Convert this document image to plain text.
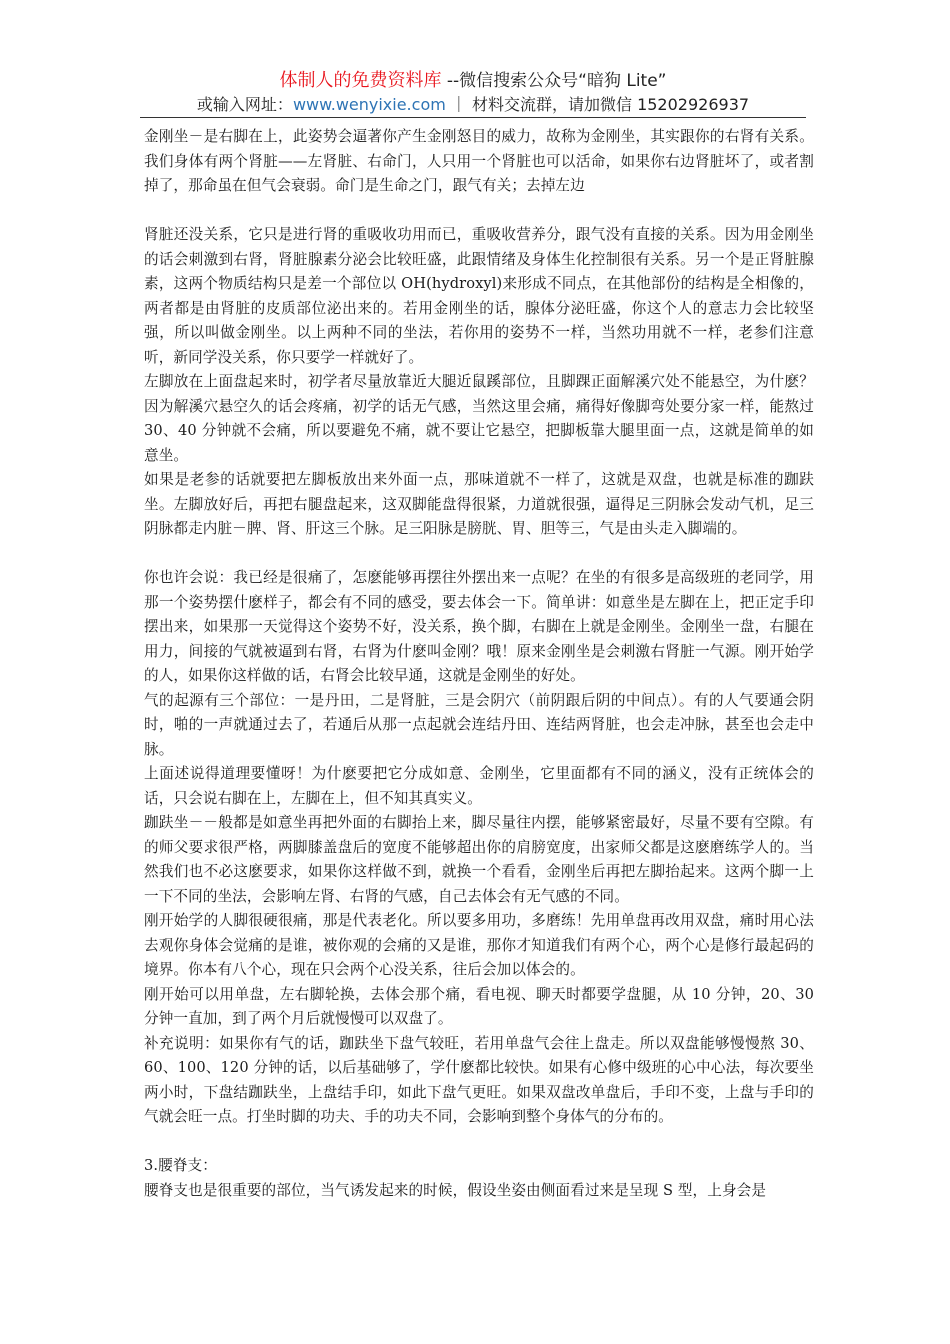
体制人的免费资料库 --微信搜索公众号“暗狗 Lite”
或输入网址：www.wenyixie.com ｜ 材料交流群，请加微信 15202926937

金刚坐－是右脚在上，此姿势会逼著你产生金刚怒目的威力，故称为金刚坐，其实跟你的右肾有关系。我们身体有两个肾脏——左肾脏、右命门，人只用一个肾脏也可以活命，如果你右边肾脏坏了，或者割掉了，那命虽在但气会衰弱。命门是生命之门，跟气有关；去掉左边

肾脏还没关系，它只是进行肾的重吸收功用而已，重吸收营养分，跟气没有直接的关系。因为用金刚坐的话会刺激到右肾，肾脏腺素分泌会比较旺盛，此跟情绪及身体生化控制很有关系。另一个是正肾脏腺素，这两个物质结构只是差一个部位以 OH(hydroxyl)来形成不同点，在其他部份的结构是全相像的，两者都是由肾脏的皮质部位泌出来的。若用金刚坐的话，腺体分泌旺盛，你这个人的意志力会比较坚强，所以叫做金刚坐。以上两种不同的坐法，若你用的姿势不一样，当然功用就不一样，老参们注意听，新同学没关系，你只要学一样就好了。

左脚放在上面盘起来时，初学者尽量放靠近大腿近鼠蹊部位，且脚踝正面解溪穴处不能悬空，为什麽？因为解溪穴悬空久的话会疼痛，初学的话无气感，当然这里会痛，痛得好像脚弯处要分家一样，能熬过 30、40 分钟就不会痛，所以要避免不痛，就不要让它悬空，把脚板靠大腿里面一点，这就是简单的如意坐。

如果是老参的话就要把左脚板放出来外面一点，那味道就不一样了，这就是双盘，也就是标准的跏趺坐。左脚放好后，再把右腿盘起来，这双脚能盘得很紧，力道就很强，逼得足三阴脉会发动气机，足三阴脉都走内脏－脾、肾、肝这三个脉。足三阳脉是膀胱、胃、胆等三，气是由头走入脚端的。

你也许会说：我已经是很痛了，怎麽能够再摆往外摆出来一点呢？在坐的有很多是高级班的老同学，用那一个姿势摆什麽样子，都会有不同的感受，要去体会一下。简单讲：如意坐是左脚在上，把正定手印摆出来，如果那一天觉得这个姿势不好，没关系，换个脚，右脚在上就是金刚坐。金刚坐一盘，右腿在用力，间接的气就被逼到右肾，右肾为什麽叫金刚？哦！原来金刚坐是会刺激右肾脏一气源。刚开始学的人，如果你这样做的话，右肾会比较早通，这就是金刚坐的好处。

气的起源有三个部位：一是丹田，二是肾脏，三是会阴穴（前阴跟后阴的中间点）。有的人气要通会阴时，啪的一声就通过去了，若通后从那一点起就会连结丹田、连结两肾脏，也会走冲脉，甚至也会走中脉。

上面述说得道理要懂呀！为什麽要把它分成如意、金刚坐，它里面都有不同的涵义，没有正统体会的话，只会说右脚在上，左脚在上，但不知其真实义。

跏趺坐－－般都是如意坐再把外面的右脚抬上来，脚尽量往内摆，能够紧密最好，尽量不要有空隙。有的师父要求很严格，两脚膝盖盘后的宽度不能够超出你的肩膀宽度，出家师父都是这麽磨练学人的。当然我们也不必这麽要求，如果你这样做不到，就换一个看看，金刚坐后再把左脚抬起来。这两个脚一上一下不同的坐法，会影响左肾、右肾的气感，自己去体会有无气感的不同。

刚开始学的人脚很硬很痛，那是代表老化。所以要多用功，多磨练！先用单盘再改用双盘，痛时用心法去观你身体会觉痛的是谁，被你观的会痛的又是谁，那你才知道我们有两个心，两个心是修行最起码的境界。你本有八个心，现在只会两个心没关系，往后会加以体会的。

刚开始可以用单盘，左右脚轮换，去体会那个痛，看电视、聊天时都要学盘腿，从 10 分钟，20、30 分钟一直加，到了两个月后就慢慢可以双盘了。

补充说明：如果你有气的话，跏趺坐下盘气较旺，若用单盘气会往上盘走。所以双盘能够慢慢熬 30、60、100、120 分钟的话，以后基础够了，学什麽都比较快。如果有心修中级班的心中心法，每次要坐两小时，下盘结跏趺坐，上盘结手印，如此下盘气更旺。如果双盘改单盘后，手印不变，上盘与手印的气就会旺一点。打坐时脚的功夫、手的功夫不同，会影响到整个身体气的分布的。

3.腰脊支：

腰脊支也是很重要的部位，当气诱发起来的时候，假设坐姿由侧面看过来是呈现 S 型，上身会是
